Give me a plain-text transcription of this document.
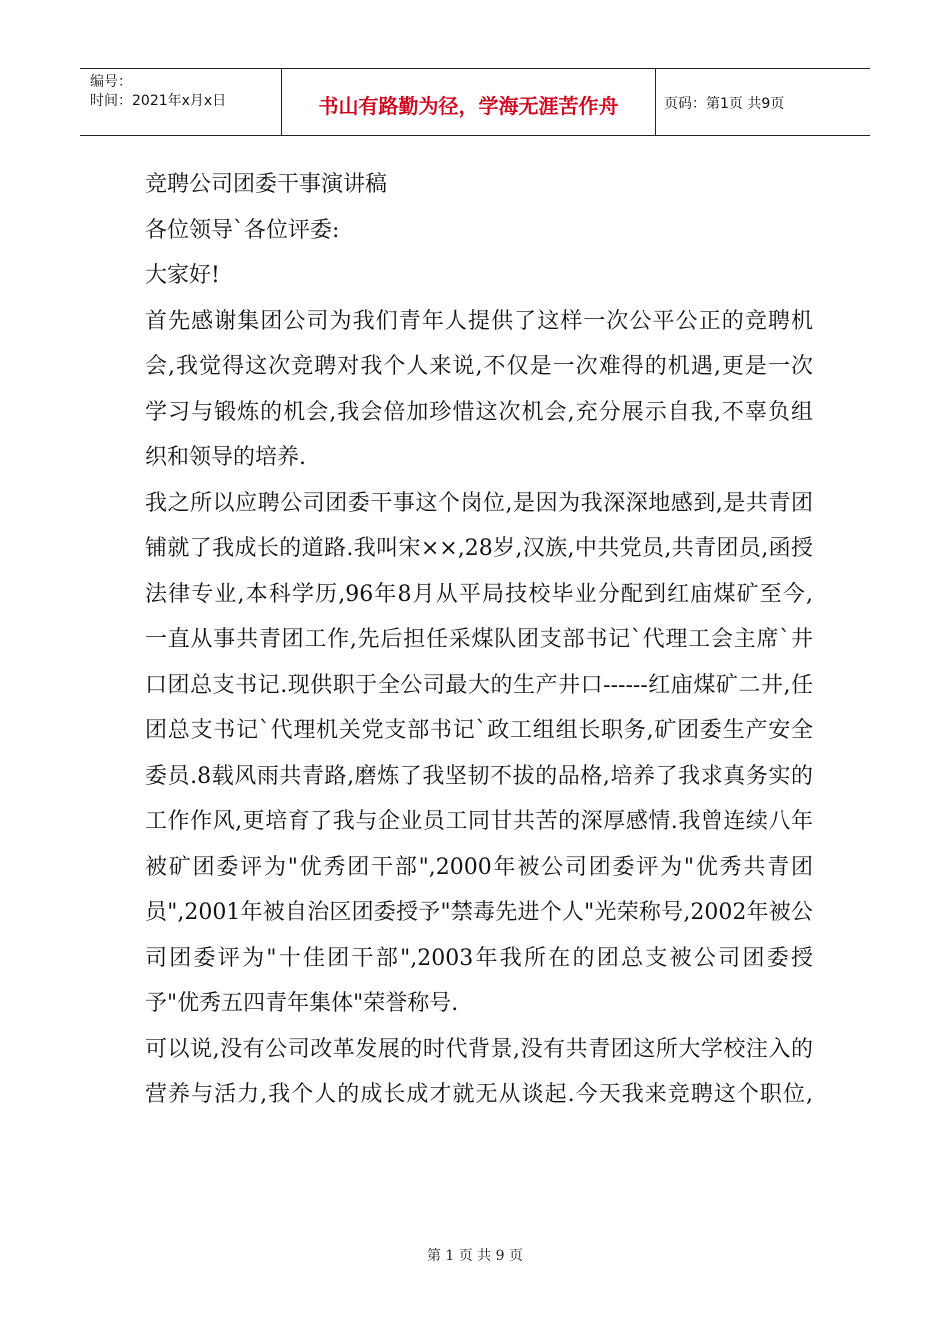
编号：
时间：2021年x月x日	书山有路勤为径，学海无涯苦作舟	页码：第1页 共9页
竞聘公司团委干事演讲稿
各位领导`各位评委:
大家好!
首先感谢集团公司为我们青年人提供了这样一次公平公正的竞聘机
会,我觉得这次竞聘对我个人来说,不仅是一次难得的机遇,更是一次
学习与锻炼的机会,我会倍加珍惜这次机会,充分展示自我,不辜负组
织和领导的培养.
我之所以应聘公司团委干事这个岗位,是因为我深深地感到,是共青团
铺就了我成长的道路.我叫宋××,28岁,汉族,中共党员,共青团员,函授
法律专业,本科学历,96年8月从平局技校毕业分配到红庙煤矿至今,
一直从事共青团工作,先后担任采煤队团支部书记`代理工会主席`井
口团总支书记.现供职于全公司最大的生产井口------红庙煤矿二井,任
团总支书记`代理机关党支部书记`政工组组长职务,矿团委生产安全
委员.8载风雨共青路,磨炼了我坚韧不拔的品格,培养了我求真务实的
工作作风,更培育了我与企业员工同甘共苦的深厚感情.我曾连续八年
被矿团委评为"优秀团干部",2000年被公司团委评为"优秀共青团
员",2001年被自治区团委授予"禁毒先进个人"光荣称号,2002年被公
司团委评为"十佳团干部",2003年我所在的团总支被公司团委授
予"优秀五四青年集体"荣誉称号.
可以说,没有公司改革发展的时代背景,没有共青团这所大学校注入的
营养与活力,我个人的成长成才就无从谈起.今天我来竞聘这个职位,
第 1 页 共 9 页
